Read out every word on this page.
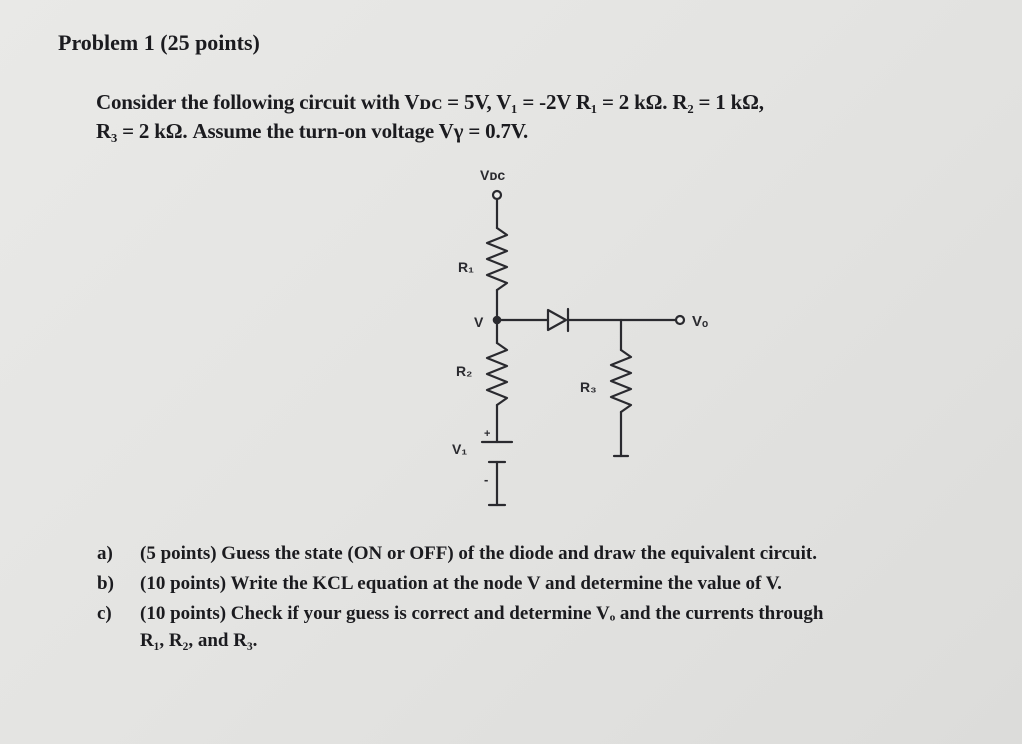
Problem 1 (25 points)
Consider the following circuit with Vᴅᴄ = 5V, V₁ = -2V R₁ = 2 kΩ. R₂ = 1 kΩ,
R₃ = 2 kΩ. Assume the turn-on voltage Vγ = 0.7V.
Vᴅᴄ
R₁
V
R₂
R₃
Vₒ
V₁
+
-
a) (5 points) Guess the state (ON or OFF) of the diode and draw the equivalent circuit.
b) (10 points) Write the KCL equation at the node V and determine the value of V.
c) (10 points) Check if your guess is correct and determine Vₒ and the currents through
R₁, R₂, and R₃.
